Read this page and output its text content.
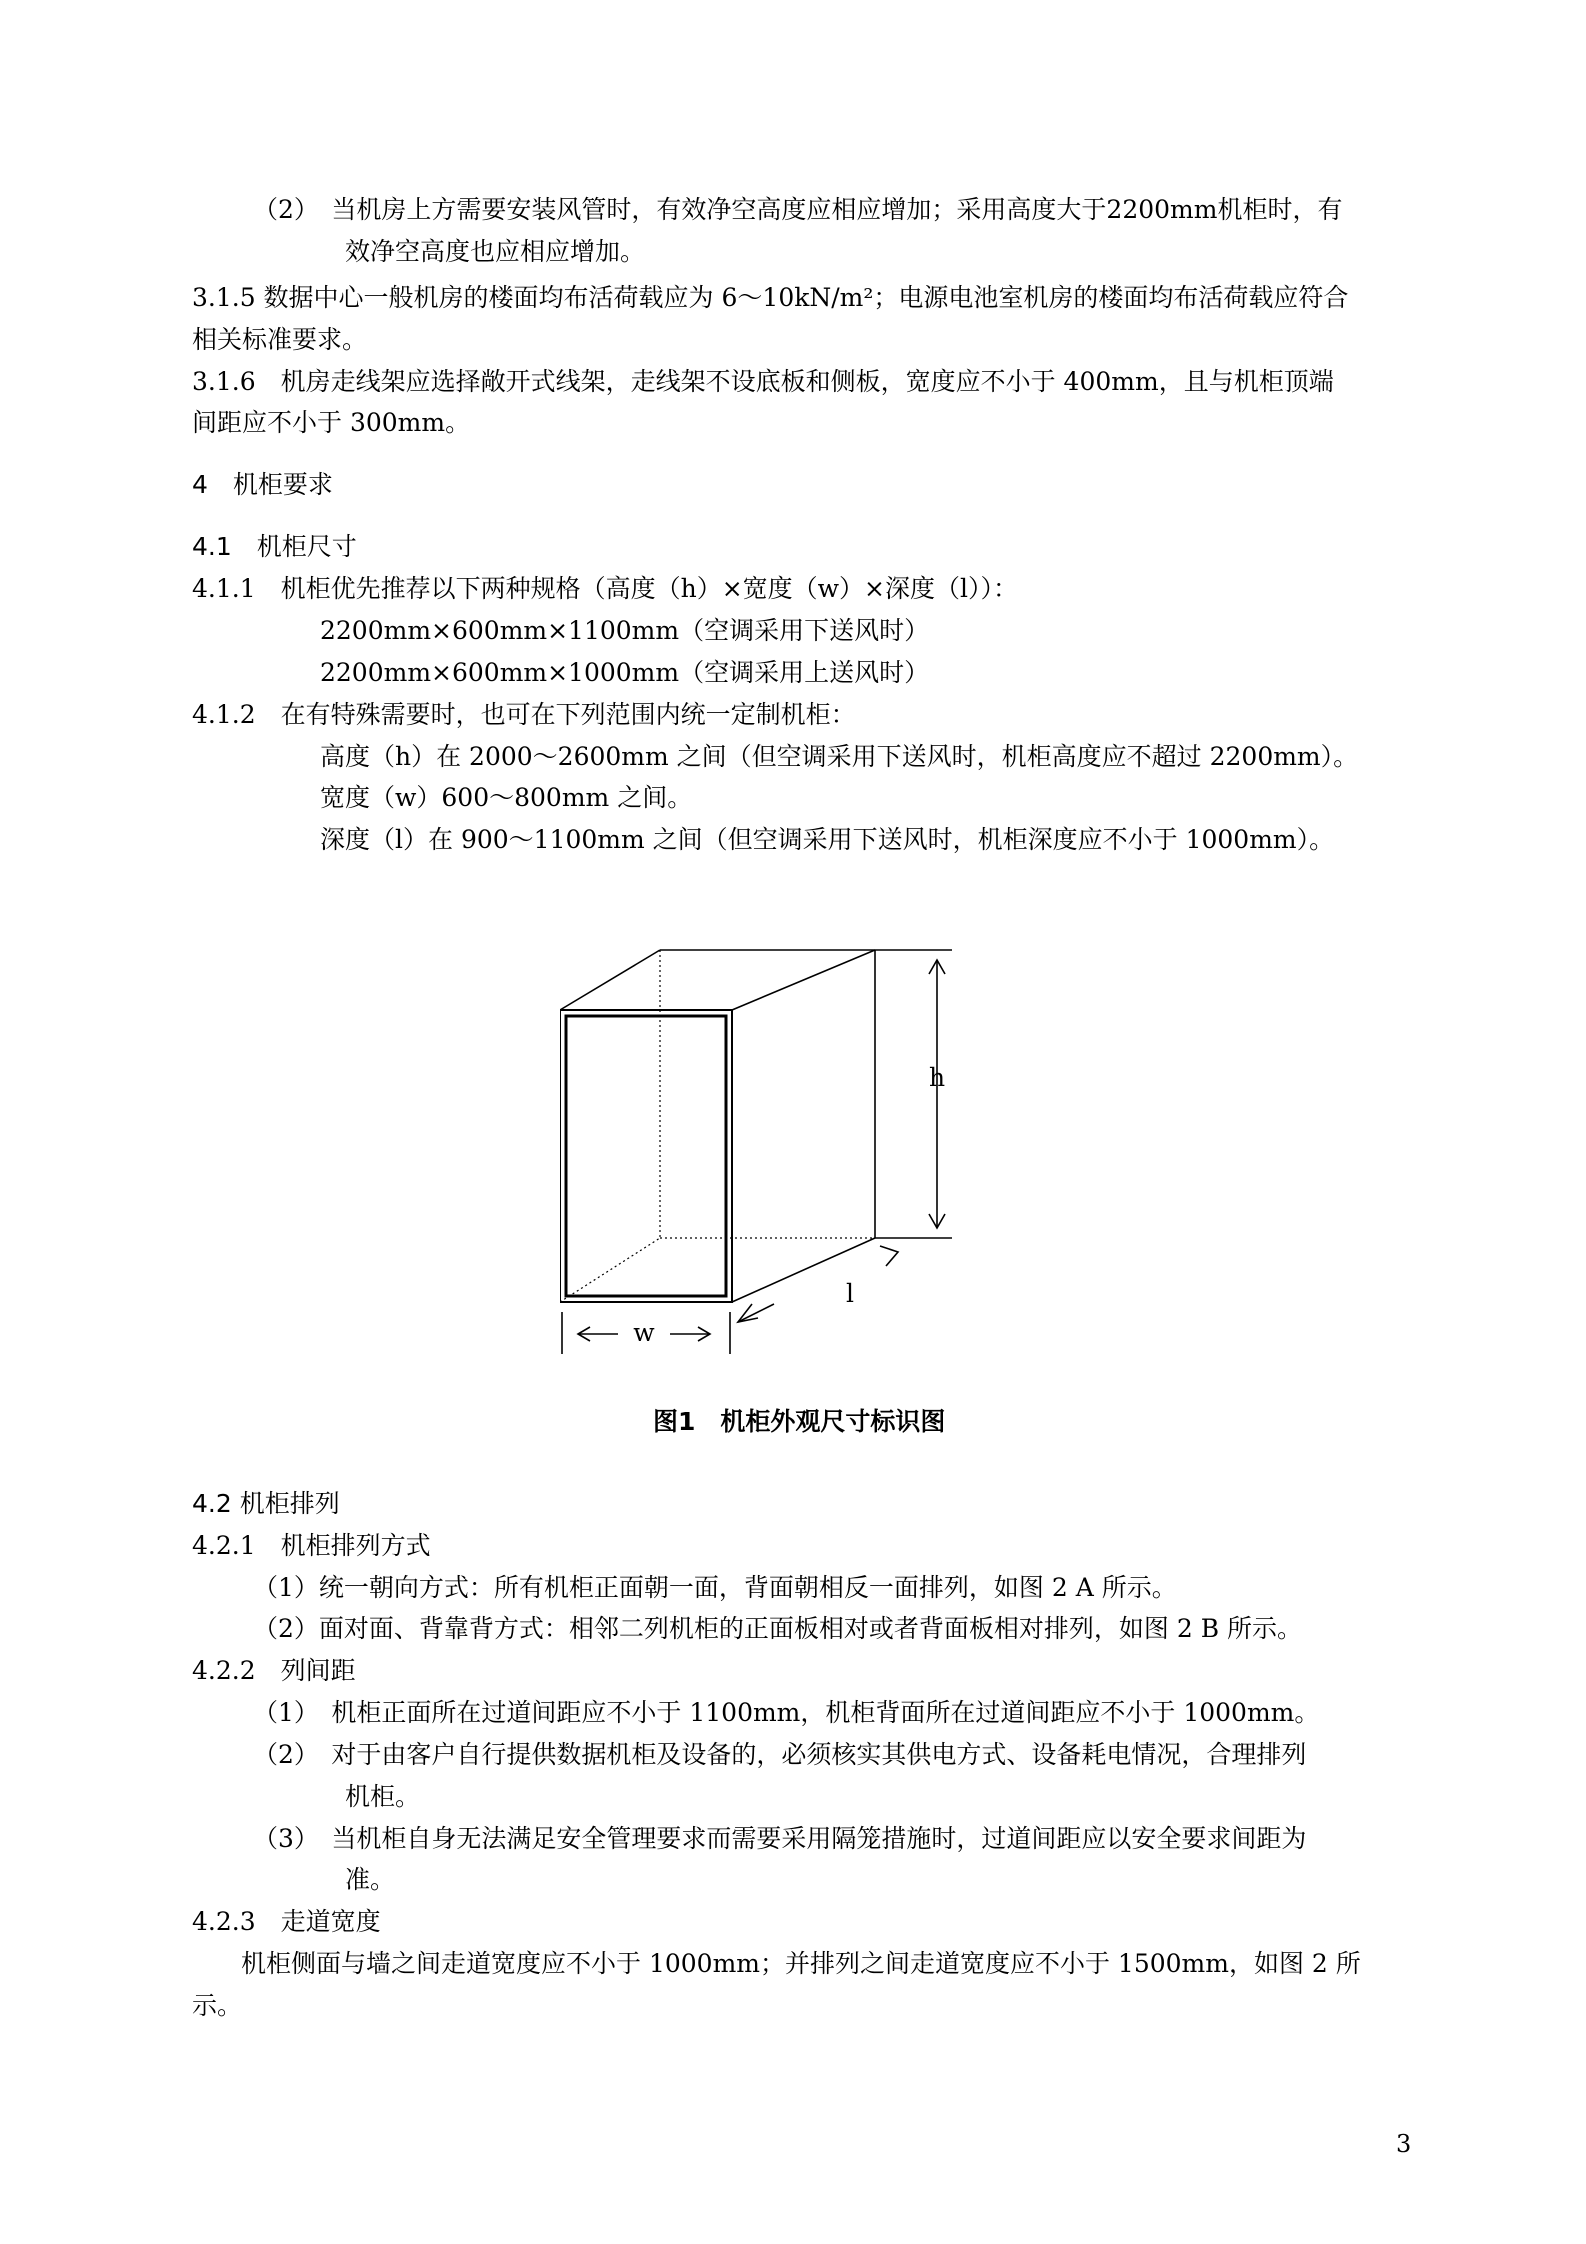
（2）　当机房上方需要安装风管时，有效净空高度应相应增加；采用高度大于2200mm机柜时，有
效净空高度也应相应增加。
3.1.5 数据中心一般机房的楼面均布活荷载应为 6～10kN/m²；电源电池室机房的楼面均布活荷载应符合
相关标准要求。
3.1.6　机房走线架应选择敞开式线架，走线架不设底板和侧板，宽度应不小于 400mm，且与机柜顶端
间距应不小于 300mm。
4　机柜要求
4.1　机柜尺寸
4.1.1　机柜优先推荐以下两种规格（高度（h）×宽度（w）×深度（l））：
2200mm×600mm×1100mm（空调采用下送风时）
2200mm×600mm×1000mm（空调采用上送风时）
4.1.2　在有特殊需要时，也可在下列范围内统一定制机柜：
高度（h）在 2000～2600mm 之间（但空调采用下送风时，机柜高度应不超过 2200mm）。
宽度（w）600～800mm 之间。
深度（l）在 900～1100mm 之间（但空调采用下送风时，机柜深度应不小于 1000mm）。
h
l
w
图1　机柜外观尺寸标识图
4.2 机柜排列
4.2.1　机柜排列方式
（1）统一朝向方式：所有机柜正面朝一面，背面朝相反一面排列，如图 2 A 所示。
（2）面对面、背靠背方式：相邻二列机柜的正面板相对或者背面板相对排列，如图 2 B 所示。
4.2.2　列间距
（1）　机柜正面所在过道间距应不小于 1100mm，机柜背面所在过道间距应不小于 1000mm。
（2）　对于由客户自行提供数据机柜及设备的，必须核实其供电方式、设备耗电情况，合理排列
机柜。
（3）　当机柜自身无法满足安全管理要求而需要采用隔笼措施时，过道间距应以安全要求间距为
准。
4.2.3　走道宽度
机柜侧面与墙之间走道宽度应不小于 1000mm；并排列之间走道宽度应不小于 1500mm，如图 2 所
示。
3
